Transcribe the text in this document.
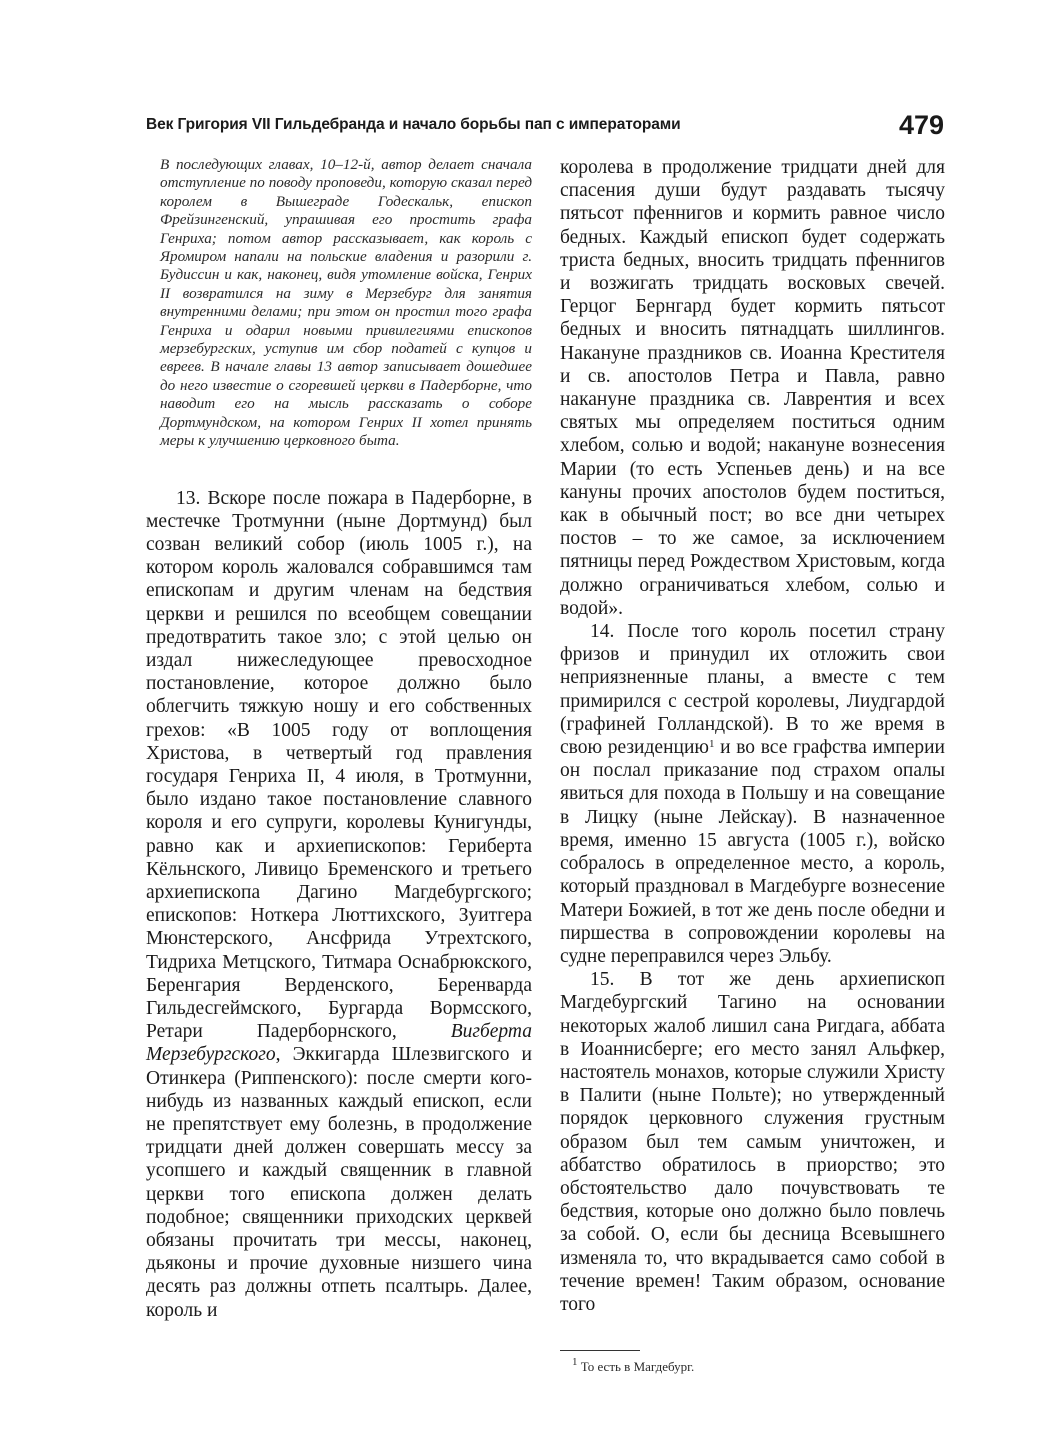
Век Григория VII Гильдебранда и начало борьбы пап с императорами	479

В последующих главах, 10–12-й, автор делает сначала отступление по поводу проповеди, которую сказал перед королем в Вышеграде Годескальк, епископ Фрейзингенский, упрашивая его простить графа Генриха; потом автор рассказывает, как король с Яромиром напали на польские владения и разорили г. Будиссин и как, наконец, видя утомление войска, Генрих II возвратился на зиму в Мерзебург для занятия внутренними делами; при этом он простил того графа Генриха и одарил новыми привилегиями епископов мерзебургских, уступив им сбор податей с купцов и евреев. В начале главы 13 автор записывает дошедшее до него известие о сгоревшей церкви в Падерборне, что наводит его на мысль рассказать о соборе Дортмундском, на котором Генрих II хотел принять меры к улучшению церковного быта.

13. Вскоре после пожара в Падерборне, в местечке Тротмунни (ныне Дортмунд) был созван великий собор (июль 1005 г.), на котором король жаловался собравшимся там епископам и другим членам на бедствия церкви и решился по всеобщем совещании предотвратить такое зло; с этой целью он издал нижеследующее превосходное постановление, которое должно было облегчить тяжкую ношу и его собственных грехов: «В 1005 году от воплощения Христова, в четвертый год правления государя Генриха II, 4 июля, в Тротмунни, было издано такое постановление славного короля и его супруги, королевы Кунигунды, равно как и архиепископов: Гериберта Кёльнского, Ливицо Бременского и третьего архиепископа Дагино Магдебургского; епископов: Ноткера Люттихского, Зуитгера Мюнстерского, Ансфрида Утрехтского, Тидриха Метцского, Титмара Оснабрюкского, Беренгария Верденского, Беренварда Гильдесгеймского, Бургарда Вормсского, Ретари Падерборнского, Вигберта Мерзебургского, Эккигарда Шлезвигского и Отинкера (Риппенского): после смерти кого-нибудь из названных каждый епископ, если не препятствует ему болезнь, в продолжение тридцати дней должен совершать мессу за усопшего и каждый священник в главной церкви того епископа должен делать подобное; священники приходских церквей обязаны прочитать три мессы, наконец, дьяконы и прочие духовные низшего чина десять раз должны отпеть псалтырь. Далее, король и

королева в продолжение тридцати дней для спасения души будут раздавать тысячу пятьсот пфеннигов и кормить равное число бедных. Каждый епископ будет содержать триста бедных, вносить тридцать пфеннигов и возжигать тридцать восковых свечей. Герцог Бернгард будет кормить пятьсот бедных и вносить пятнадцать шиллингов. Накануне праздников св. Иоанна Крестителя и св. апостолов Петра и Павла, равно накануне праздника св. Лаврентия и всех святых мы определяем поститься одним хлебом, солью и водой; накануне вознесения Марии (то есть Успеньев день) и на все кануны прочих апостолов будем поститься, как в обычный пост; во все дни четырех постов – то же самое, за исключением пятницы перед Рождеством Христовым, когда должно ограничиваться хлебом, солью и водой».

14. После того король посетил страну фризов и принудил их отложить свои неприязненные планы, а вместе с тем примирился с сестрой королевы, Лиудгардой (графиней Голландской). В то же время в свою резиденцию$^1$ и во все графства империи он послал приказание под страхом опалы явиться для похода в Польшу и на совещание в Лицку (ныне Лейскау). В назначенное время, именно 15 августа (1005 г.), войско собралось в определенное место, а король, который праздновал в Магдебурге вознесение Матери Божией, в тот же день после обедни и пиршества в сопровождении королевы на судне переправился через Эльбу.

15. В тот же день архиепископ Магдебургский Тагино на основании некоторых жалоб лишил сана Ригдага, аббата в Иоаннисберге; его место занял Альфкер, настоятель монахов, которые служили Христу в Палити (ныне Польте); но утвержденный порядок церковного служения грустным образом был тем самым уничтожен, и аббатство обратилось в приорство; это обстоятельство дало почувствовать те бедствия, которые оно должно было повлечь за собой. О, если бы десница Всевышнего изменяла то, что вкрадывается само собой в течение времен! Таким образом, основание того

$^1$ То есть в Магдебург.
